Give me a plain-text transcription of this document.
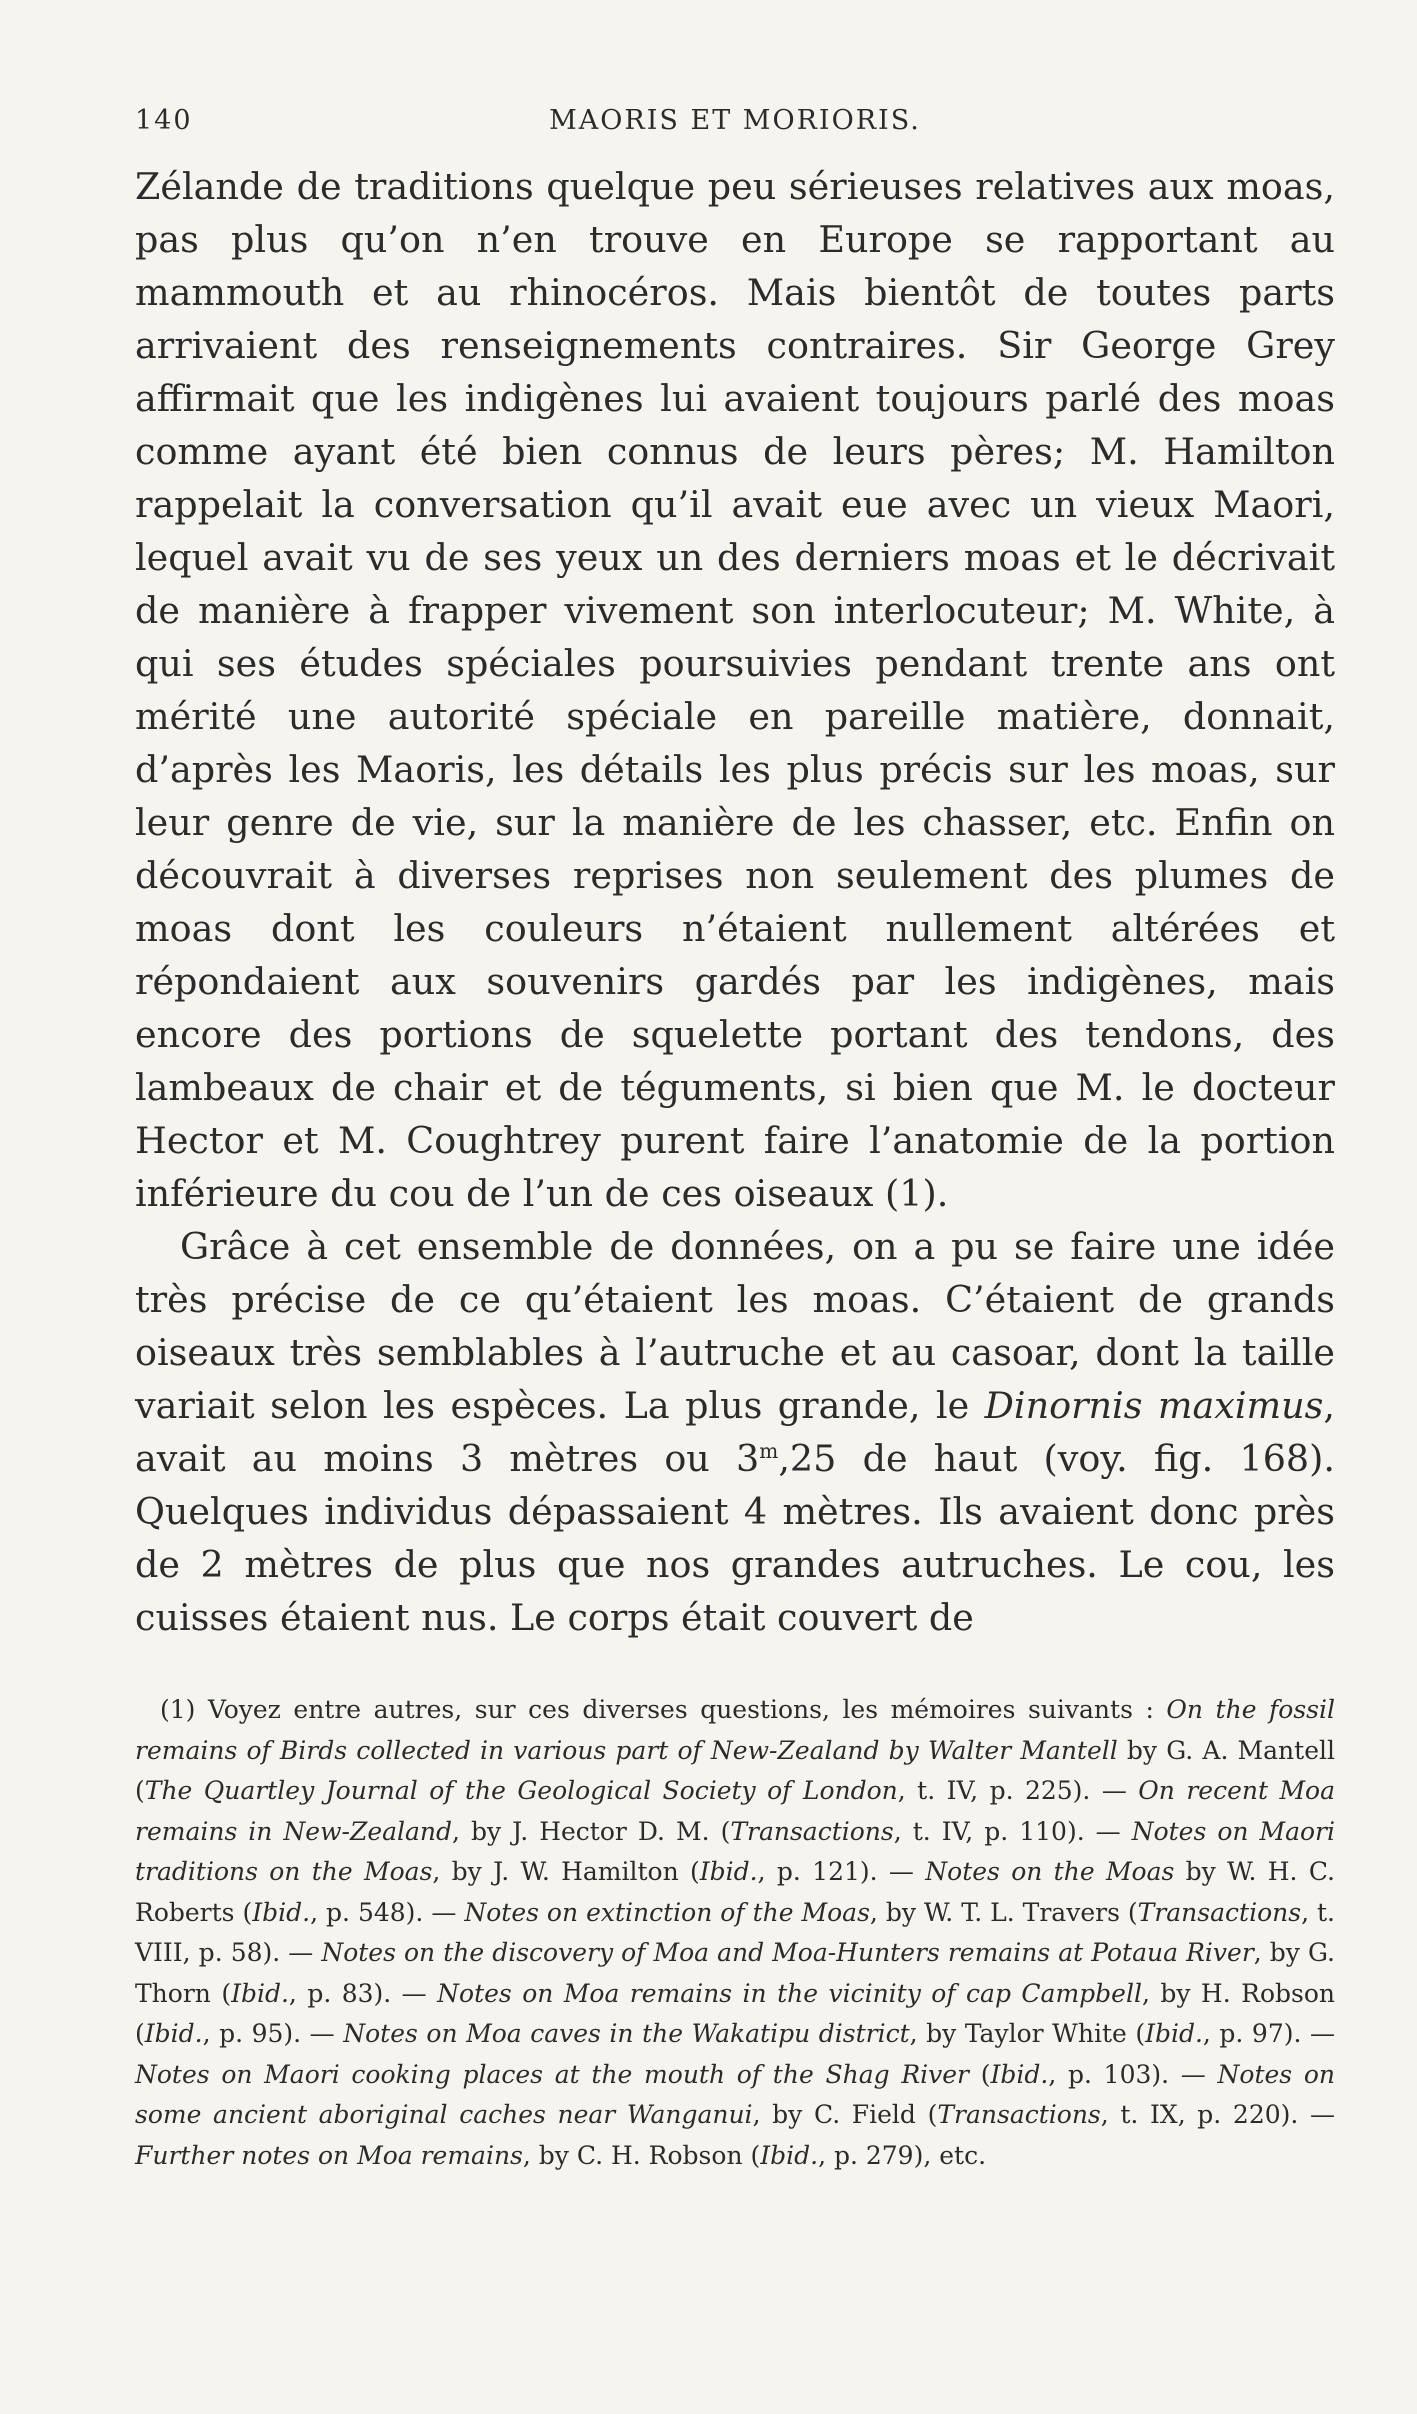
140	MAORIS ET MORIORIS.

Zélande de traditions quelque peu sérieuses relatives aux moas, pas plus qu’on n’en trouve en Europe se rapportant au mammouth et au rhinocéros. Mais bientôt de toutes parts arrivaient des renseignements contraires. Sir George Grey affirmait que les indigènes lui avaient toujours parlé des moas comme ayant été bien connus de leurs pères; M. Hamilton rappelait la conversation qu’il avait eue avec un vieux Maori, lequel avait vu de ses yeux un des derniers moas et le décrivait de manière à frapper vivement son interlocuteur; M. White, à qui ses études spéciales poursuivies pendant trente ans ont mérité une autorité spéciale en pareille matière, donnait, d’après les Maoris, les détails les plus précis sur les moas, sur leur genre de vie, sur la manière de les chasser, etc. Enfin on découvrait à diverses reprises non seulement des plumes de moas dont les couleurs n’étaient nullement altérées et répondaient aux souvenirs gardés par les indigènes, mais encore des portions de squelette portant des tendons, des lambeaux de chair et de téguments, si bien que M. le docteur Hector et M. Coughtrey purent faire l’anatomie de la portion inférieure du cou de l’un de ces oiseaux (1).

Grâce à cet ensemble de données, on a pu se faire une idée très précise de ce qu’étaient les moas. C’étaient de grands oiseaux très semblables à l’autruche et au casoar, dont la taille variait selon les espèces. La plus grande, le Dinornis maximus, avait au moins 3 mètres ou 3$^m$,25 de haut (voy. fig. 168). Quelques individus dépassaient 4 mètres. Ils avaient donc près de 2 mètres de plus que nos grandes autruches. Le cou, les cuisses étaient nus. Le corps était couvert de

(1) Voyez entre autres, sur ces diverses questions, les mémoires suivants : On the fossil remains of Birds collected in various part of New-Zealand by Walter Mantell by G. A. Mantell (The Quartley Journal of the Geological Society of London, t. IV, p. 225). — On recent Moa remains in New-Zealand, by J. Hector D. M. (Transactions, t. IV, p. 110). — Notes on Maori traditions on the Moas, by J. W. Hamilton (Ibid., p. 121). — Notes on the Moas by W. H. C. Roberts (Ibid., p. 548). — Notes on extinction of the Moas, by W. T. L. Travers (Transactions, t. VIII, p. 58). — Notes on the discovery of Moa and Moa-Hunters remains at Potaua River, by G. Thorn (Ibid., p. 83). — Notes on Moa remains in the vicinity of cap Campbell, by H. Robson (Ibid., p. 95). — Notes on Moa caves in the Wakatipu district, by Taylor White (Ibid., p. 97). — Notes on Maori cooking places at the mouth of the Shag River (Ibid., p. 103). — Notes on some ancient aboriginal caches near Wanganui, by C. Field (Transactions, t. IX, p. 220). — Further notes on Moa remains, by C. H. Robson (Ibid., p. 279), etc.
